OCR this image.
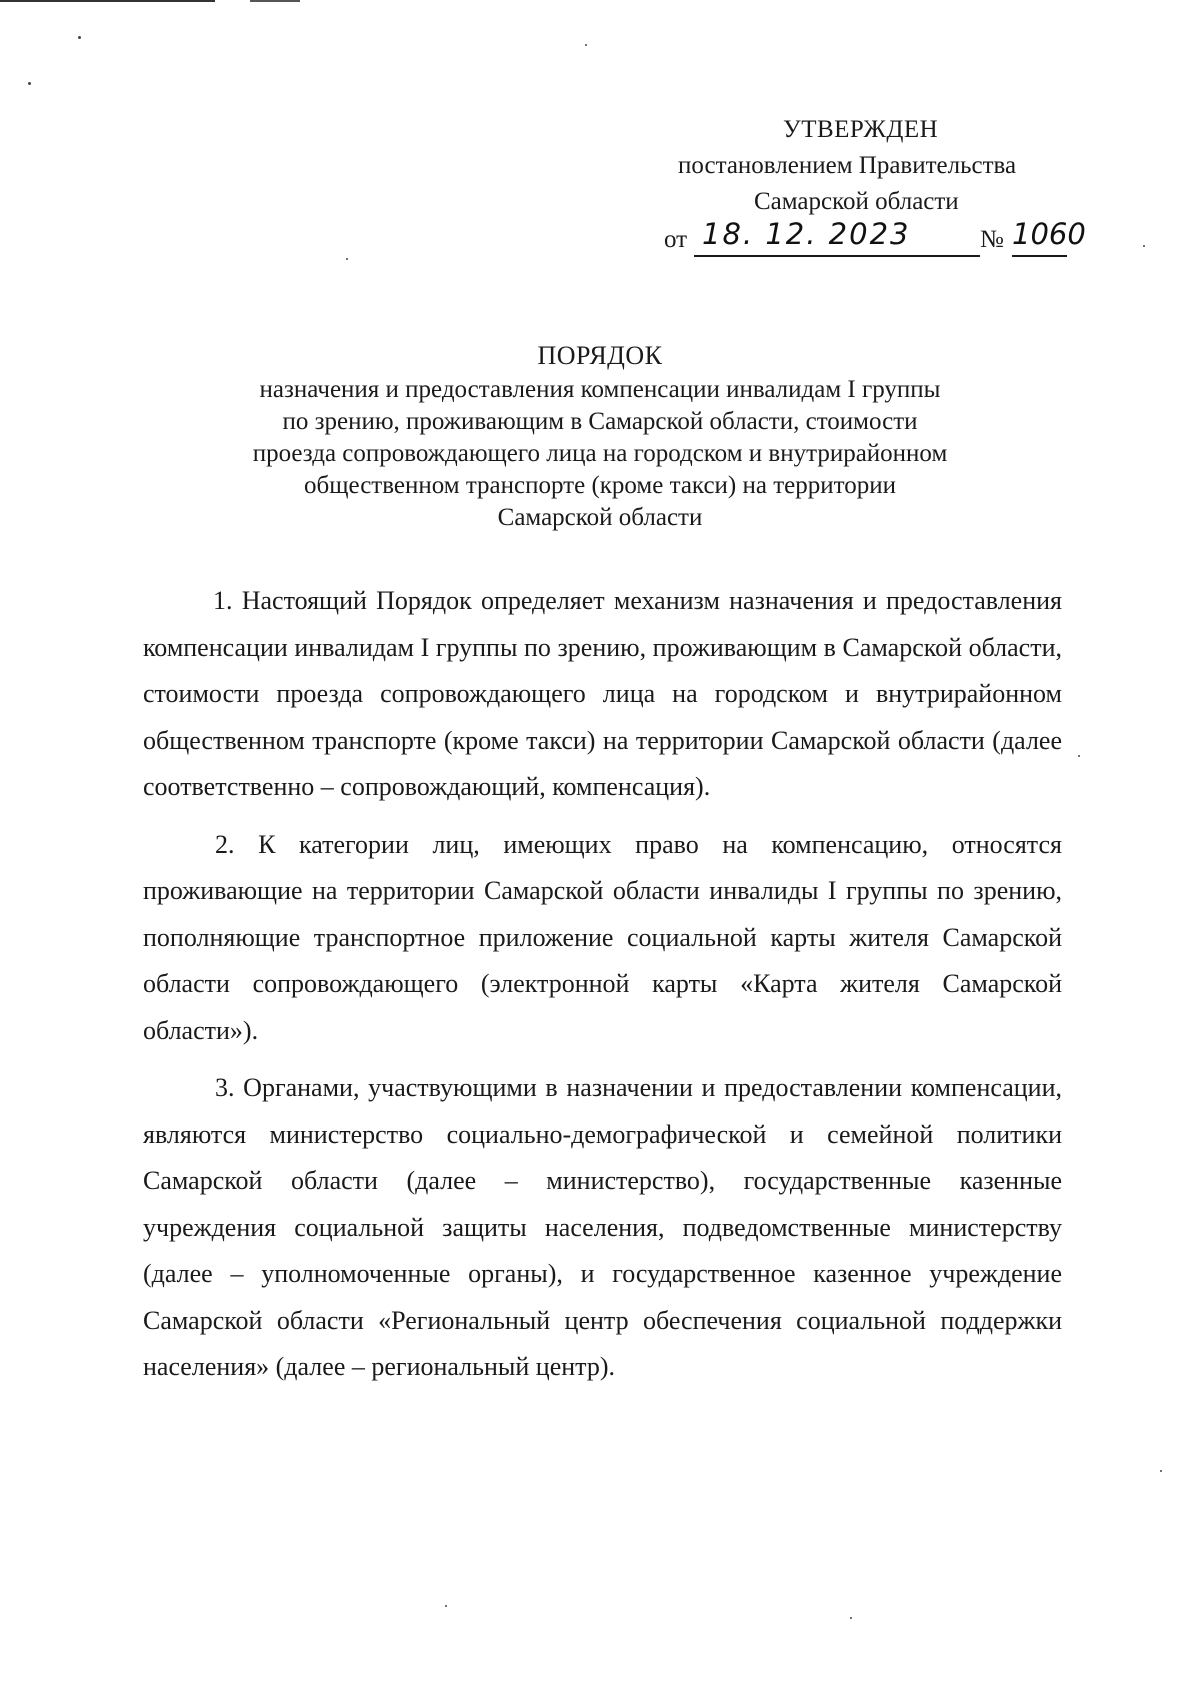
УТВЕРЖДЕН
постановлением Правительства
Самарской области
от 18. 12. 2023	№ 1060
ПОРЯДОК
назначения и предоставления компенсации инвалидам I группы
по зрению, проживающим в Самарской области, стоимости
проезда сопровождающего лица на городском и внутрирайонном
общественном транспорте (кроме такси) на территории
Самарской области

1. Настоящий Порядок определяет механизм назначения и предоставления компенсации инвалидам I группы по зрению, проживающим в Самарской области, стоимости проезда сопровождающего лица на городском и внутрирайонном общественном транспорте (кроме такси) на территории Самарской области (далее соответственно – сопровождающий, компенсация).

2. К категории лиц, имеющих право на компенсацию, относятся проживающие на территории Самарской области инвалиды I группы по зрению, пополняющие транспортное приложение социальной карты жителя Самарской области сопровождающего (электронной карты «Карта жителя Самарской области»).

3. Органами, участвующими в назначении и предоставлении компенсации, являются министерство социально-демографической и семейной политики Самарской области (далее – министерство), государственные казенные учреждения социальной защиты населения, подведомственные министерству (далее – уполномоченные органы), и государственное казенное учреждение Самарской области «Региональный центр обеспечения социальной поддержки населения» (далее – региональный центр).
